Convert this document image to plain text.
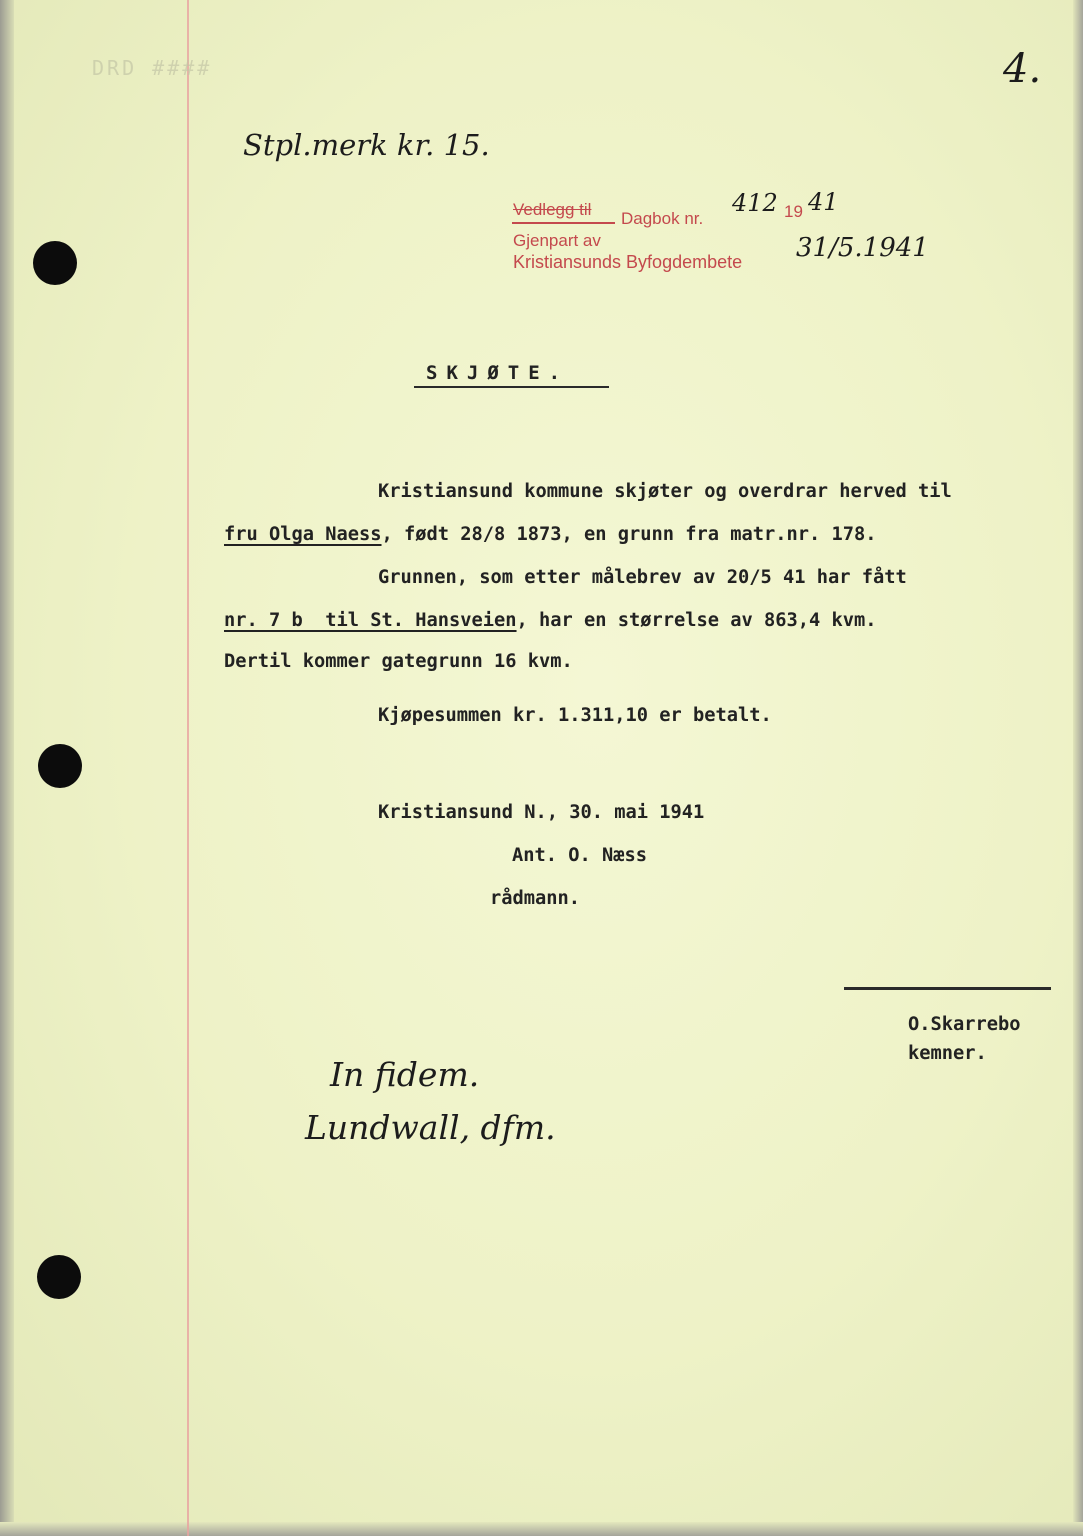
DRD ####	4.
Stpl.merk kr. 15.
Vedlegg til Dagbok nr.
412 19 41
Gjenpart av
Kristiansunds Byfogdembete 31/5.1941
SKJØTE.
Kristiansund kommune skjøter og overdrar herved til
fru Olga Naess, født 28/8 1873, en grunn fra matr.nr. 178.
Grunnen, som etter målebrev av 20/5 41 har fått
nr. 7 b  til St. Hansveien, har en størrelse av 863,4 kvm.
Dertil kommer gategrunn 16 kvm.
Kjøpesummen kr. 1.311,10 er betalt.
Kristiansund N., 30. mai 1941
Ant. O. Næss
rådmann.
O.Skarrebo
kemner.
In fidem.
Lundwall, dfm.
